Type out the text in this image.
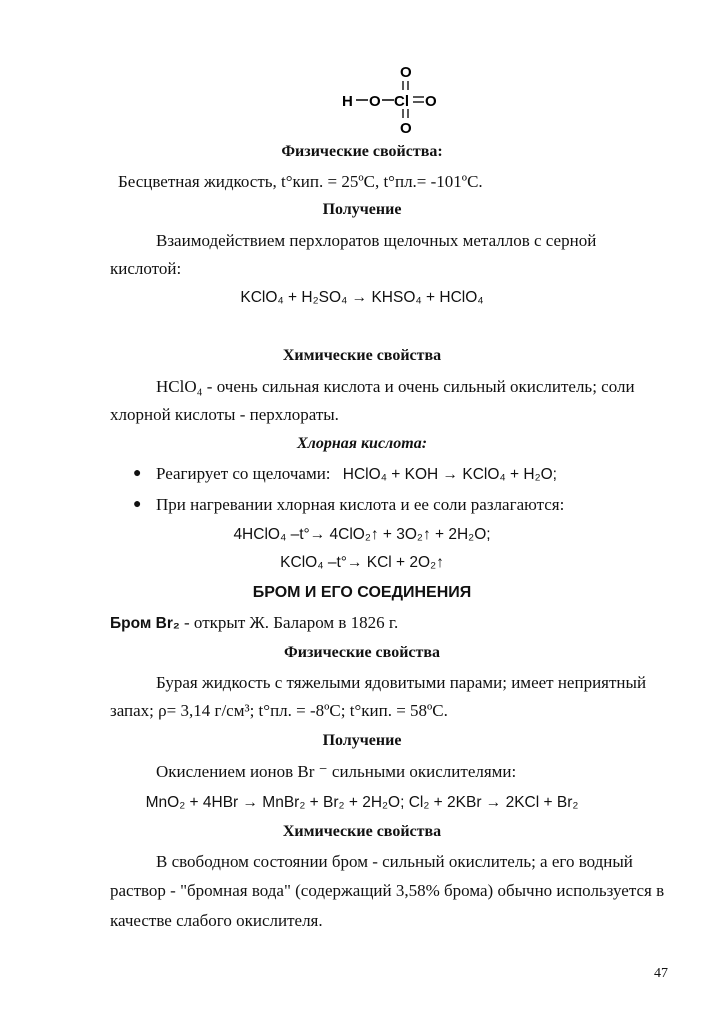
H O Cl O
O
O
Физические свойства:
Бесцветная жидкость, t°кип. = 25ºС, t°пл.= -101ºС.
Получение
Взаимодействием перхлоратов щелочных металлов с серной
кислотой:
KClO₄ + H₂SO₄ → KHSO₄ + HClO₄
Химические свойства
HClO₄ - очень сильная кислота и очень сильный окислитель; соли
хлорной кислоты - перхлораты.
Хлорная кислота:
● Реагирует со щелочами: HClO₄ + KOH → KClO₄ + H₂O;
● При нагревании хлорная кислота и ее соли разлагаются:
4HClO₄ –t°→ 4ClO₂↑ + 3O₂↑ + 2H₂O;
KClO₄ –t°→ KCl + 2O₂↑
БРОМ И ЕГО СОЕДИНЕНИЯ
Бром Br₂ - открыт Ж. Баларом в 1826 г.
Физические свойства
Бурая жидкость с тяжелыми ядовитыми парами; имеет неприятный
запах; ρ= 3,14 г/см³; t°пл. = -8ºС; t°кип. = 58ºС.
Получение
Окислением ионов Br ⁻ сильными окислителями:
MnO₂ + 4HBr → MnBr₂ + Br₂ + 2H₂O; Cl₂ + 2KBr → 2KCl + Br₂
Химические свойства
В свободном состоянии бром - сильный окислитель; а его водный
раствор - "бромная вода" (содержащий 3,58% брома) обычно используется в
качестве слабого окислителя.
47
